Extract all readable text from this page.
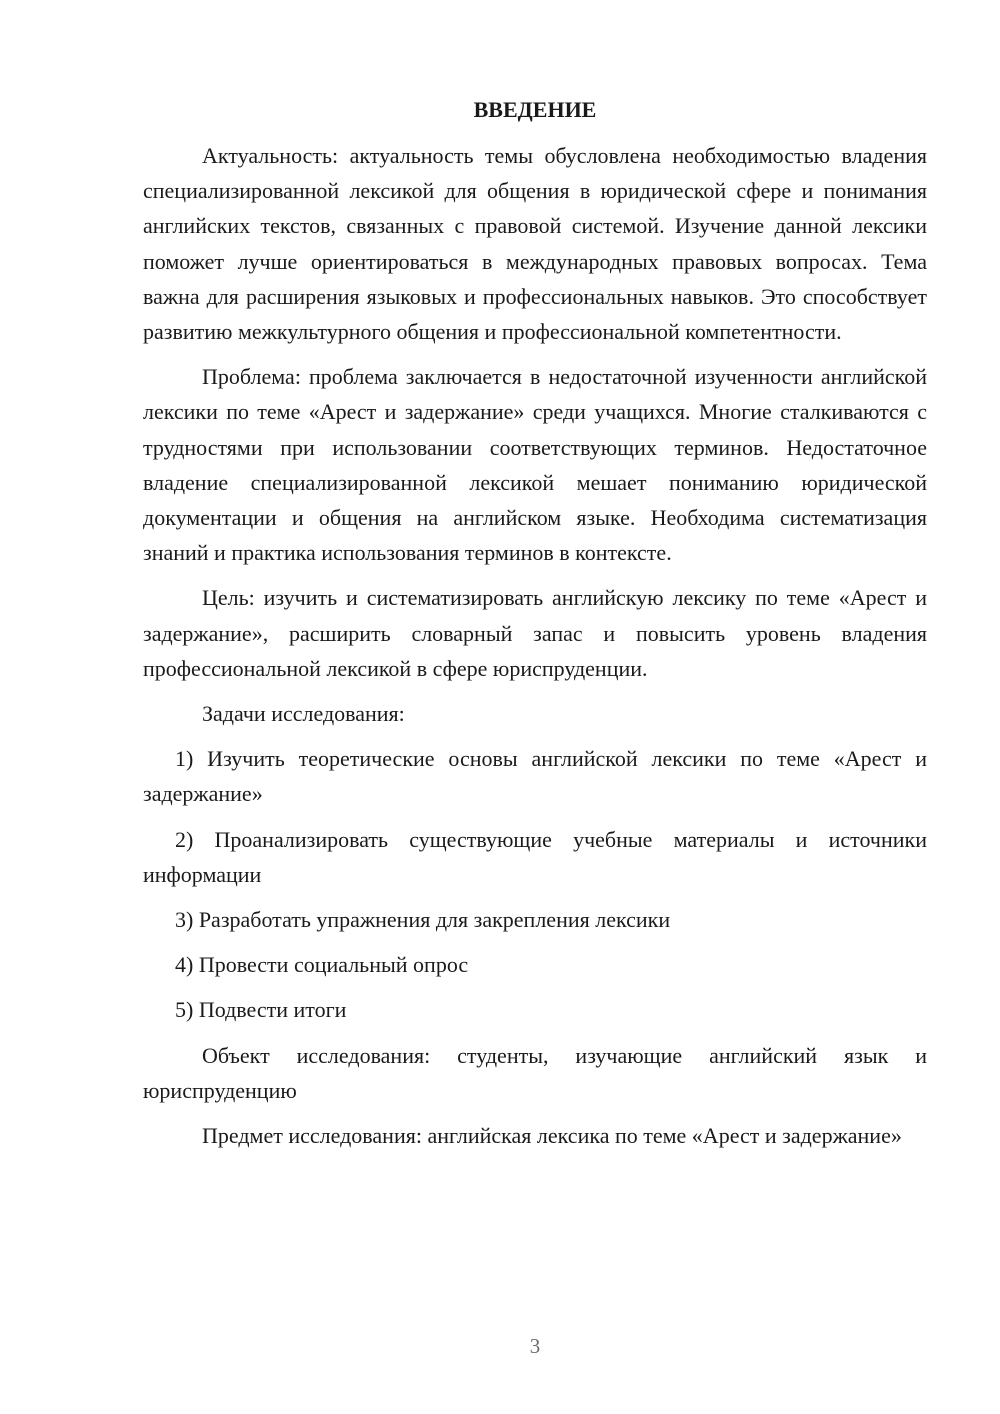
ВВЕДЕНИЕ

Актуальность: актуальность темы обусловлена необходимостью владения специализированной лексикой для общения в юридической сфере и понимания английских текстов, связанных с правовой системой. Изучение данной лексики поможет лучше ориентироваться в международных правовых вопросах. Тема важна для расширения языковых и профессиональных навыков. Это способствует развитию межкультурного общения и профессиональной компетентности.

Проблема: проблема заключается в недостаточной изученности английской лексики по теме «Арест и задержание» среди учащихся. Многие сталкиваются с трудностями при использовании соответствующих терминов. Недостаточное владение специализированной лексикой мешает пониманию юридической документации и общения на английском языке. Необходима систематизация знаний и практика использования терминов в контексте.

Цель: изучить и систематизировать английскую лексику по теме «Арест и задержание», расширить словарный запас и повысить уровень владения профессиональной лексикой в сфере юриспруденции.

Задачи исследования:

1) Изучить теоретические основы английской лексики по теме «Арест и задержание»

2) Проанализировать существующие учебные материалы и источники информации

3) Разработать упражнения для закрепления лексики

4) Провести социальный опрос

5) Подвести итоги

Объект исследования: студенты, изучающие английский язык и юриспруденцию

Предмет исследования: английская лексика по теме «Арест и задержание»

3
